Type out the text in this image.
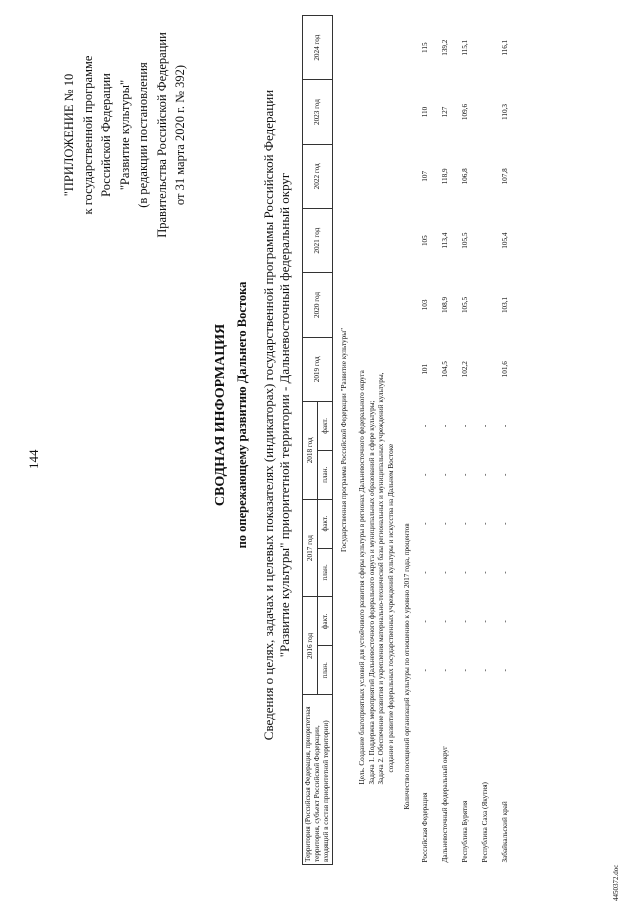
144
"ПРИЛОЖЕНИЕ № 10 к государственной программе Российской Федерации "Развитие культуры" (в редакции постановления Правительства Российской Федерации от 31 марта 2020 г. № 392)
СВОДНАЯ ИНФОРМАЦИЯ по опережающему развитию Дальнего Востока Сведения о целях, задачах и целевых показателях (индикаторах) государственной программы Российской Федерации "Развитие культуры" приоритетной территории - Дальневосточный федеральный округ
Территория (Российская Федерация, приоритетная территория, субъект Российской Федерации, входящий в состав приоритетной территории)	2016 год		2017 год		2018 год		2019 год	2020 год	2021 год	2022 год	2023 год	2024 год
	план.	факт.	план.	факт.	план.	факт.						
Государственная программа Российской Федерации "Развитие культуры"												

Цель. Создание благоприятных условий для устойчивого развития сферы культуры в регионах Дальневосточного федерального округа Задача 1. Поддержка мероприятий Дальневосточного федерального округа и муниципальных образований в сфере культуры; Задача 2. Обеспечение развития и укрепления материально-технической базы региональных и муниципальных учреждений культуры, создание и развитие федеральных государственных учреждений культуры и искусства на Дальнем Востоке												

Количество посещений организаций культуры по отношению к уровню 2017 года, процентов												
Российская Федерация	-	-	-	-	-	-	101	103	105	107	110	115
Дальневосточный федеральный округ	-	-	-	-	-	-	104,5	108,9	113,4	118,9	127	139,2
Республика Бурятия	-	-	-	-	-	-	102,2	105,5	105,5	106,8	109,6	115,1
Республика Саха (Якутия)	-	-	-	-	-	-						
Забайкальский край	-	-	-	-	-	-	101,6	103,1	105,4	107,8	110,3	116,1
4450372.doc
